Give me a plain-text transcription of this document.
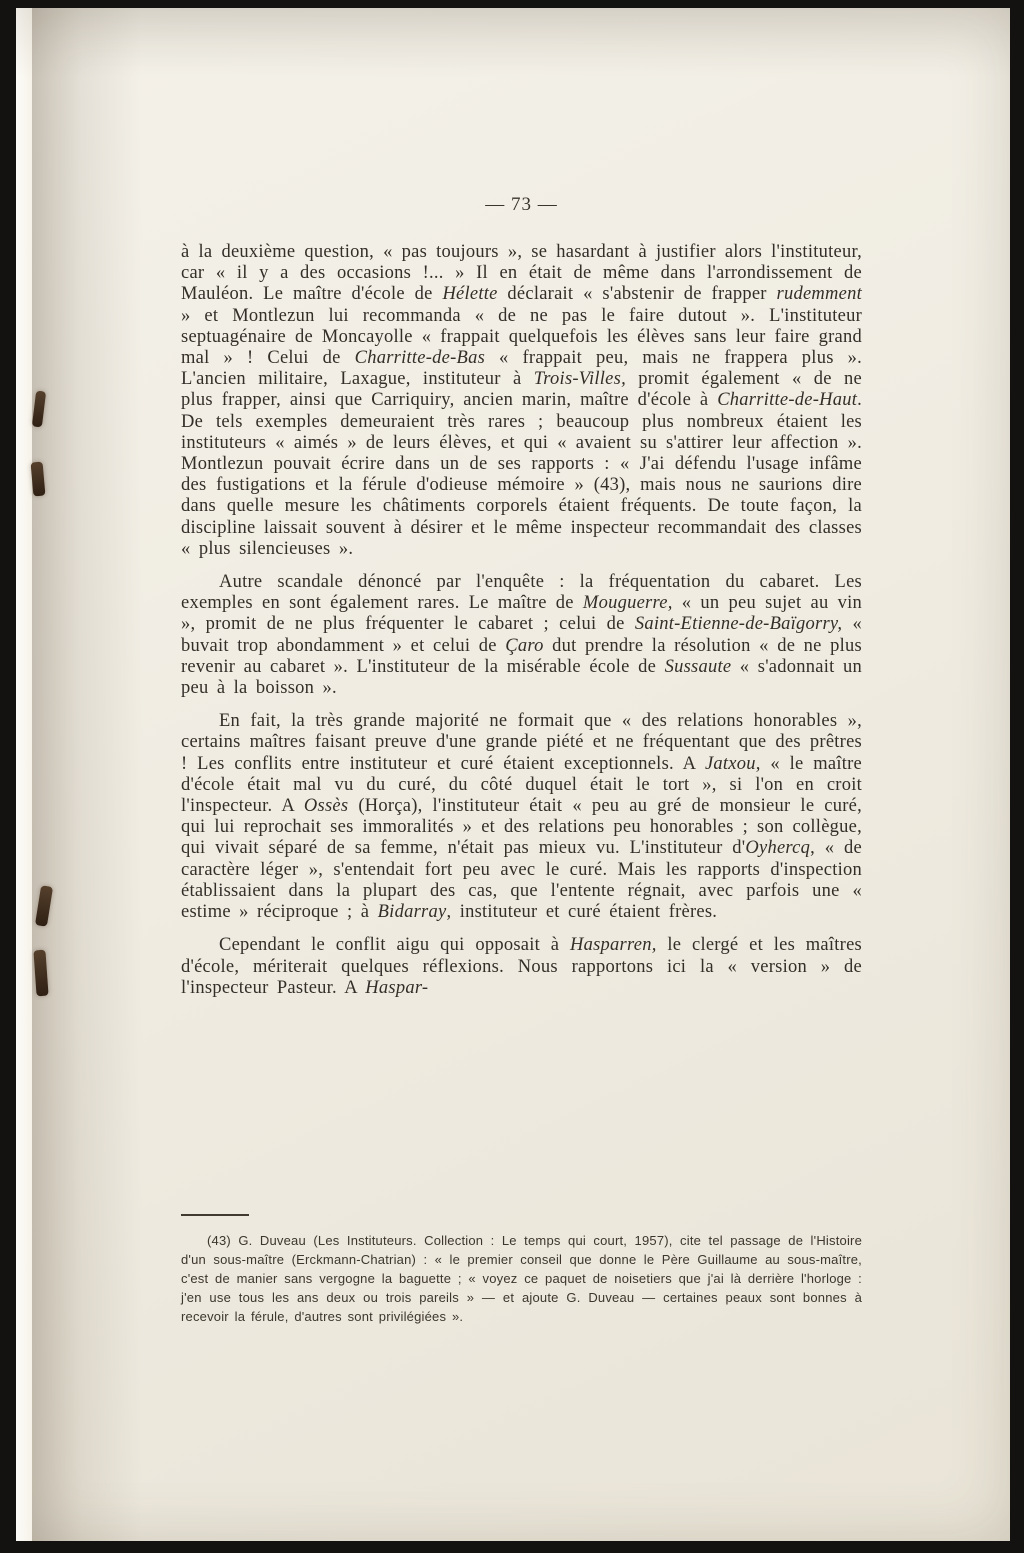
— 73 —

à la deuxième question, « pas toujours », se hasardant à justifier alors l'instituteur, car « il y a des occasions !... » Il en était de même dans l'arrondissement de Mauléon. Le maître d'école de Hélette déclarait « s'abstenir de frapper rudemment » et Montlezun lui recommanda « de ne pas le faire dutout ». L'instituteur septuagénaire de Moncayolle « frappait quelquefois les élèves sans leur faire grand mal » ! Celui de Charritte-de-Bas « frappait peu, mais ne frappera plus ». L'ancien militaire, Laxague, instituteur à Trois-Villes, promit également « de ne plus frapper, ainsi que Carriquiry, ancien marin, maître d'école à Charritte-de-Haut. De tels exemples demeuraient très rares ; beaucoup plus nombreux étaient les instituteurs « aimés » de leurs élèves, et qui « avaient su s'attirer leur affection ». Montlezun pouvait écrire dans un de ses rapports : « J'ai défendu l'usage infâme des fustigations et la férule d'odieuse mémoire » (43), mais nous ne saurions dire dans quelle mesure les châtiments corporels étaient fréquents. De toute façon, la discipline laissait souvent à désirer et le même inspecteur recommandait des classes « plus silencieuses ».

Autre scandale dénoncé par l'enquête : la fréquentation du cabaret. Les exemples en sont également rares. Le maître de Mouguerre, « un peu sujet au vin », promit de ne plus fréquenter le cabaret ; celui de Saint-Etienne-de-Baïgorry, « buvait trop abondamment » et celui de Çaro dut prendre la résolution « de ne plus revenir au cabaret ». L'instituteur de la misérable école de Sussaute « s'adonnait un peu à la boisson ».

En fait, la très grande majorité ne formait que « des relations honorables », certains maîtres faisant preuve d'une grande piété et ne fréquentant que des prêtres ! Les conflits entre instituteur et curé étaient exceptionnels. A Jatxou, « le maître d'école était mal vu du curé, du côté duquel était le tort », si l'on en croit l'inspecteur. A Ossès (Horça), l'instituteur était « peu au gré de monsieur le curé, qui lui reprochait ses immoralités » et des relations peu honorables ; son collègue, qui vivait séparé de sa femme, n'était pas mieux vu. L'instituteur d'Oyhercq, « de caractère léger », s'entendait fort peu avec le curé. Mais les rapports d'inspection établissaient dans la plupart des cas, que l'entente régnait, avec parfois une « estime » réciproque ; à Bidarray, instituteur et curé étaient frères.

Cependant le conflit aigu qui opposait à Hasparren, le clergé et les maîtres d'école, mériterait quelques réflexions. Nous rapportons ici la « version » de l'inspecteur Pasteur. A Haspar-

(43) G. Duveau (Les Instituteurs. Collection : Le temps qui court, 1957), cite tel passage de l'Histoire d'un sous-maître (Erckmann-Chatrian) : « le premier conseil que donne le Père Guillaume au sous-maître, c'est de manier sans vergogne la baguette ; « voyez ce paquet de noisetiers que j'ai là derrière l'horloge : j'en use tous les ans deux ou trois pareils » — et ajoute G. Duveau — certaines peaux sont bonnes à recevoir la férule, d'autres sont privilégiées ».
